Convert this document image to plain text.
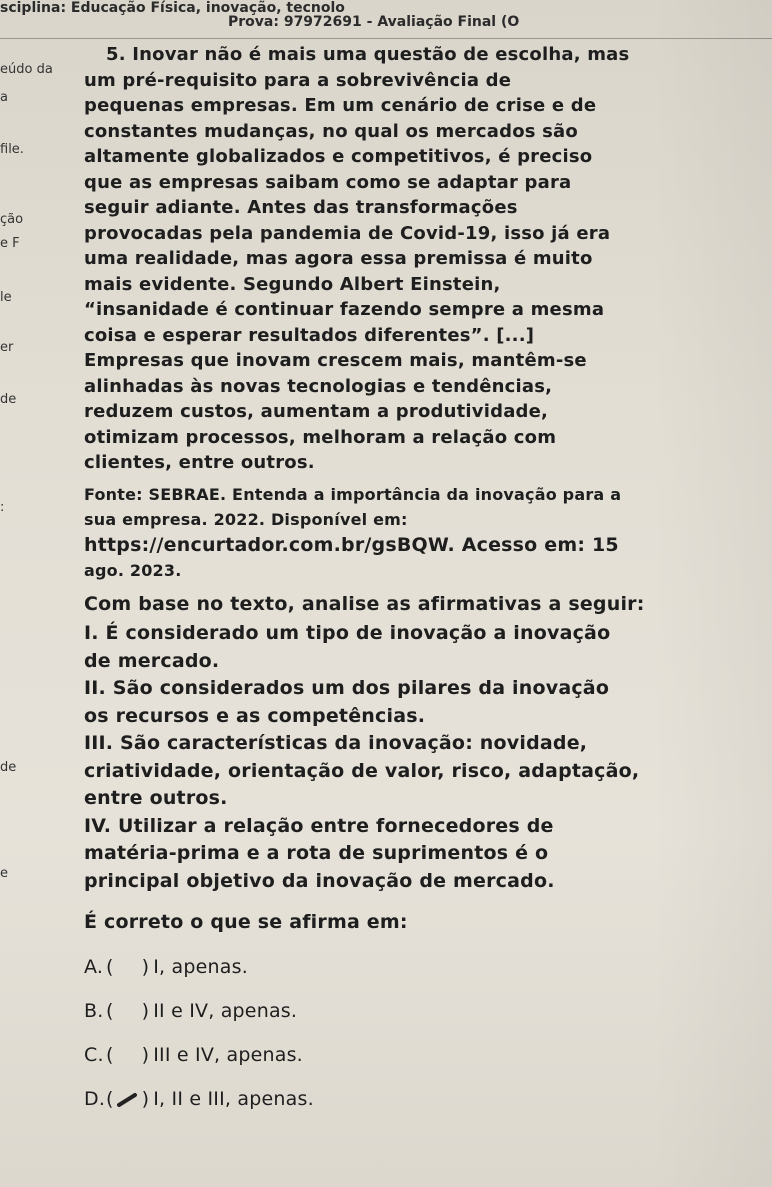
sciplina: Educação Física, inovação, tecnolo
Prova: 97972691 - Avaliação Final (O
eúdo da
a
file.
ção
e F
le
er
de
:
de
e

5. Inovar não é mais uma questão de escolha, mas

um pré-requisito para a sobrevivência de

pequenas empresas. Em um cenário de crise e de

constantes mudanças, no qual os mercados são

altamente globalizados e competitivos, é preciso

que as empresas saibam como se adaptar para

seguir adiante. Antes das transformações

provocadas pela pandemia de Covid-19, isso já era

uma realidade, mas agora essa premissa é muito

mais evidente. Segundo Albert Einstein,

“insanidade é continuar fazendo sempre a mesma

coisa e esperar resultados diferentes”. [...]

Empresas que inovam crescem mais, mantêm-se

alinhadas às novas tecnologias e tendências,

reduzem custos, aumentam a produtividade,

otimizam processos, melhoram a relação com

clientes, entre outros.

Fonte: SEBRAE. Entenda a importância da inovação para a
sua empresa. 2022. Disponível em:
https://encurtador.com.br/gsBQW. Acesso em: 15
ago. 2023.
Com base no texto, analise as afirmativas a seguir:
I. É considerado um tipo de inovação a inovação
de mercado.
II. São considerados um dos pilares da inovação
os recursos e as competências.
III. São características da inovação: novidade,
criatividade, orientação de valor, risco, adaptação,
entre outros.
IV. Utilizar a relação entre fornecedores de
matéria-prima e a rota de suprimentos é o
principal objetivo da inovação de mercado.
É correto o que se afirma em:
A. ( ) I, apenas.
B. ( ) II e IV, apenas.
C. ( ) III e IV, apenas.
D. ( ) I, II e III, apenas.
